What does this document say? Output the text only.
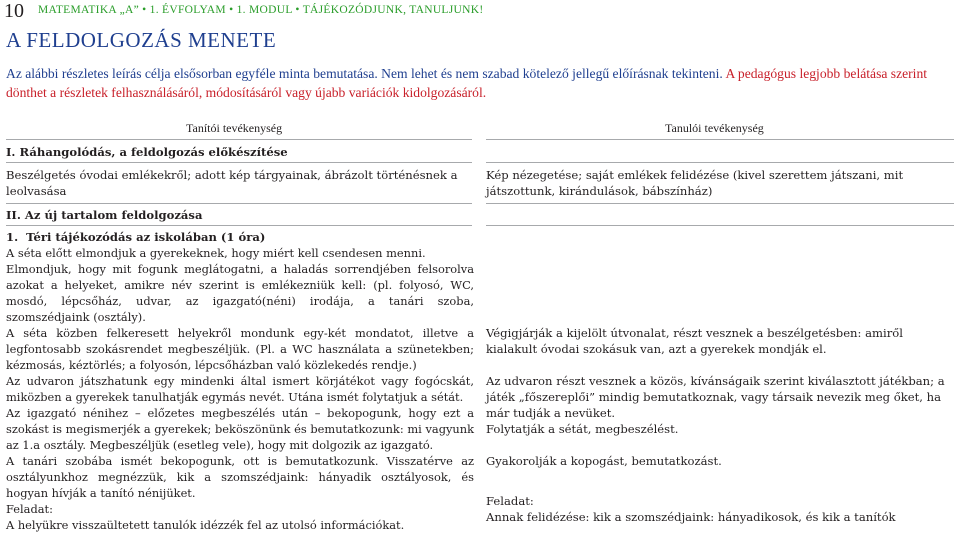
10 MATEMATIKA „A” • 1. ÉVFOLYAM • 1. MODUL • TÁJÉKOZÓDJUNK, TANULJUNK!
A FELDOLGOZÁS MENETE
Az alábbi részletes leírás célja elsősorban egyféle minta bemutatása. Nem lehet és nem szabad kötelező jellegű előírásnak tekinteni. A pedagógus legjobb belátása szerint dönthet a részletek felhasználásáról, módosításáról vagy újabb variációk kidolgozásáról.
Tanítói tevékenység	Tanulói tevékenység
I. Ráhangolódás, a feldolgozás előkészítése
Beszélgetés óvodai emlékekről; adott kép tárgyainak, ábrázolt történésnek a leolvasása
Kép nézegetése; saját emlékek felidézése (kivel szerettem játszani, mit játszottunk, kirándulások, bábszínház)
II. Az új tartalom feldolgozása
1.  Téri tájékozódás az iskolában (1 óra)

A séta előtt elmondjuk a gyerekeknek, hogy miért kell csendesen menni.

Elmondjuk, hogy mit fogunk meglátogatni, a haladás sorrendjében felsorolva azokat a helyeket, amikre név szerint is emlékezniük kell: (pl. folyosó, WC, mosdó, lépcsőház, udvar, az igazgató(néni) irodája, a tanári szoba, szomszédjaink (osztály).

A séta közben felkeresett helyekről mondunk egy-két mondatot, illetve a legfontosabb szokásrendet megbeszéljük. (Pl. a WC használata a szünetekben; kézmosás, kéztörlés; a folyosón, lépcsőházban való közlekedés rendje.)

Az udvaron játszhatunk egy mindenki által ismert körjátékot vagy fogócskát, miközben a gyerekek tanulhatják egymás nevét. Utána ismét folytatjuk a sétát.

Az igazgató nénihez – előzetes megbeszélés után – bekopogunk, hogy ezt a szokást is megismerjék a gyerekek; beköszönünk és bemutatkozunk: mi vagyunk az 1.a osztály. Megbeszéljük (esetleg vele), hogy mit dolgozik az igazgató.

A tanári szobába ismét bekopogunk, ott is bemutatkozunk. Visszatérve az osztályunkhoz megnézzük, kik a szomszédjaink: hányadik osztályosok, és hogyan hívják a tanító nénijüket.

Feladat:

A helyükre visszaültetett tanulók idézzék fel az utolsó információkat.

Végigjárják a kijelölt útvonalat, részt vesznek a beszélgetésben: amiről kialakult óvodai szokásuk van, azt a gyerekek mondják el.
Az udvaron részt vesznek a közös, kívánságaik szerint kiválasztott játékban; a játék „főszereplői” mindig bemutatkoznak, vagy társaik nevezik meg őket, ha már tudják a nevüket.
Folytatják a sétát, megbeszélést.
Gyakorolják a kopogást, bemutatkozást.
Feladat:
Annak felidézése: kik a szomszédjaink: hányadikosok, és kik a tanítók
